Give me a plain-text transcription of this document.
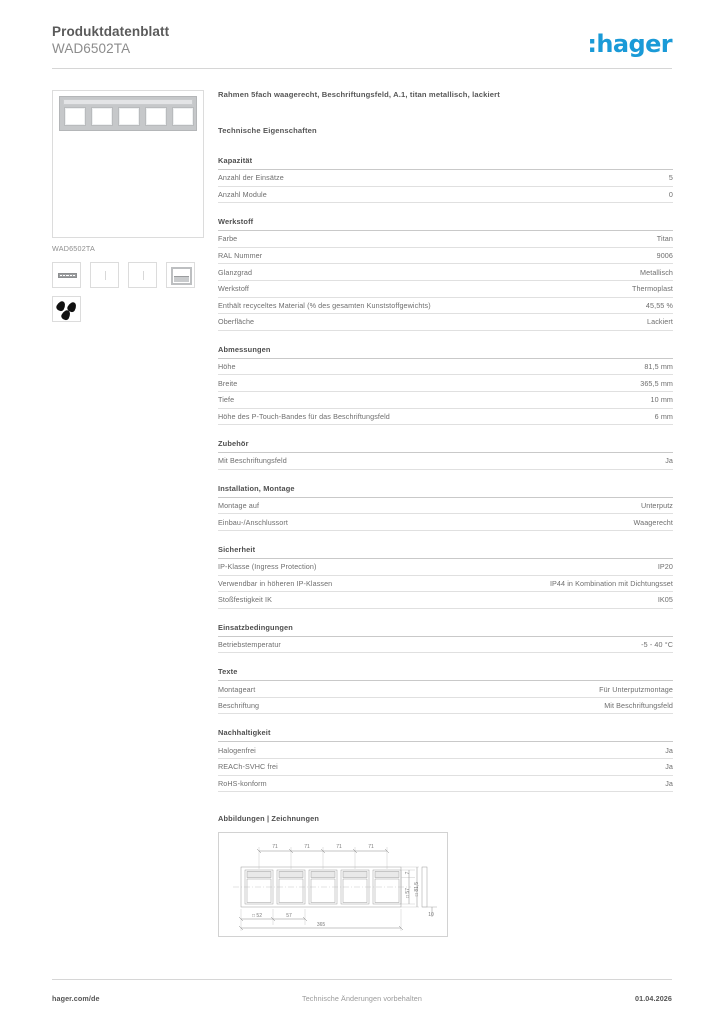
Produktdatenblatt
WAD6502TA	:hager
WAD6502TA
Rahmen 5fach waagerecht, Beschriftungsfeld, A.1, titan metallisch, lackiert
Technische Eigenschaften
Kapazität
Anzahl der Einsätze	5
Anzahl Module	0
Werkstoff
Farbe	Titan
RAL Nummer	9006
Glanzgrad	Metallisch
Werkstoff	Thermoplast
Enthält recyceltes Material (% des gesamten Kunststoffgewichts)	45,55 %
Oberfläche	Lackiert
Abmessungen
Höhe	81,5 mm
Breite	365,5 mm
Tiefe	10 mm
Höhe des P-Touch-Bandes für das Beschriftungsfeld	6 mm
Zubehör
Mit Beschriftungsfeld	Ja
Installation, Montage
Montage auf	Unterputz
Einbau-/Anschlussort	Waagerecht
Sicherheit
IP-Klasse (Ingress Protection)	IP20
Verwendbar in höheren IP-Klassen	IP44 in Kombination mit Dichtungsset
Stoßfestigkeit IK	IK05
Einsatzbedingungen
Betriebstemperatur	-5 - 40 °C
Texte
Montageart	Für Unterputzmontage
Beschriftung	Mit Beschriftungsfeld
Nachhaltigkeit
Halogenfrei	Ja
REACh-SVHC frei	Ja
RoHS-konform	Ja
Abbildungen | Zeichnungen
71	71	71	71
365
□ 52	57
7
□ 57 □ 81,5
10
hager.com/de	Technische Änderungen vorbehalten	01.04.2026
